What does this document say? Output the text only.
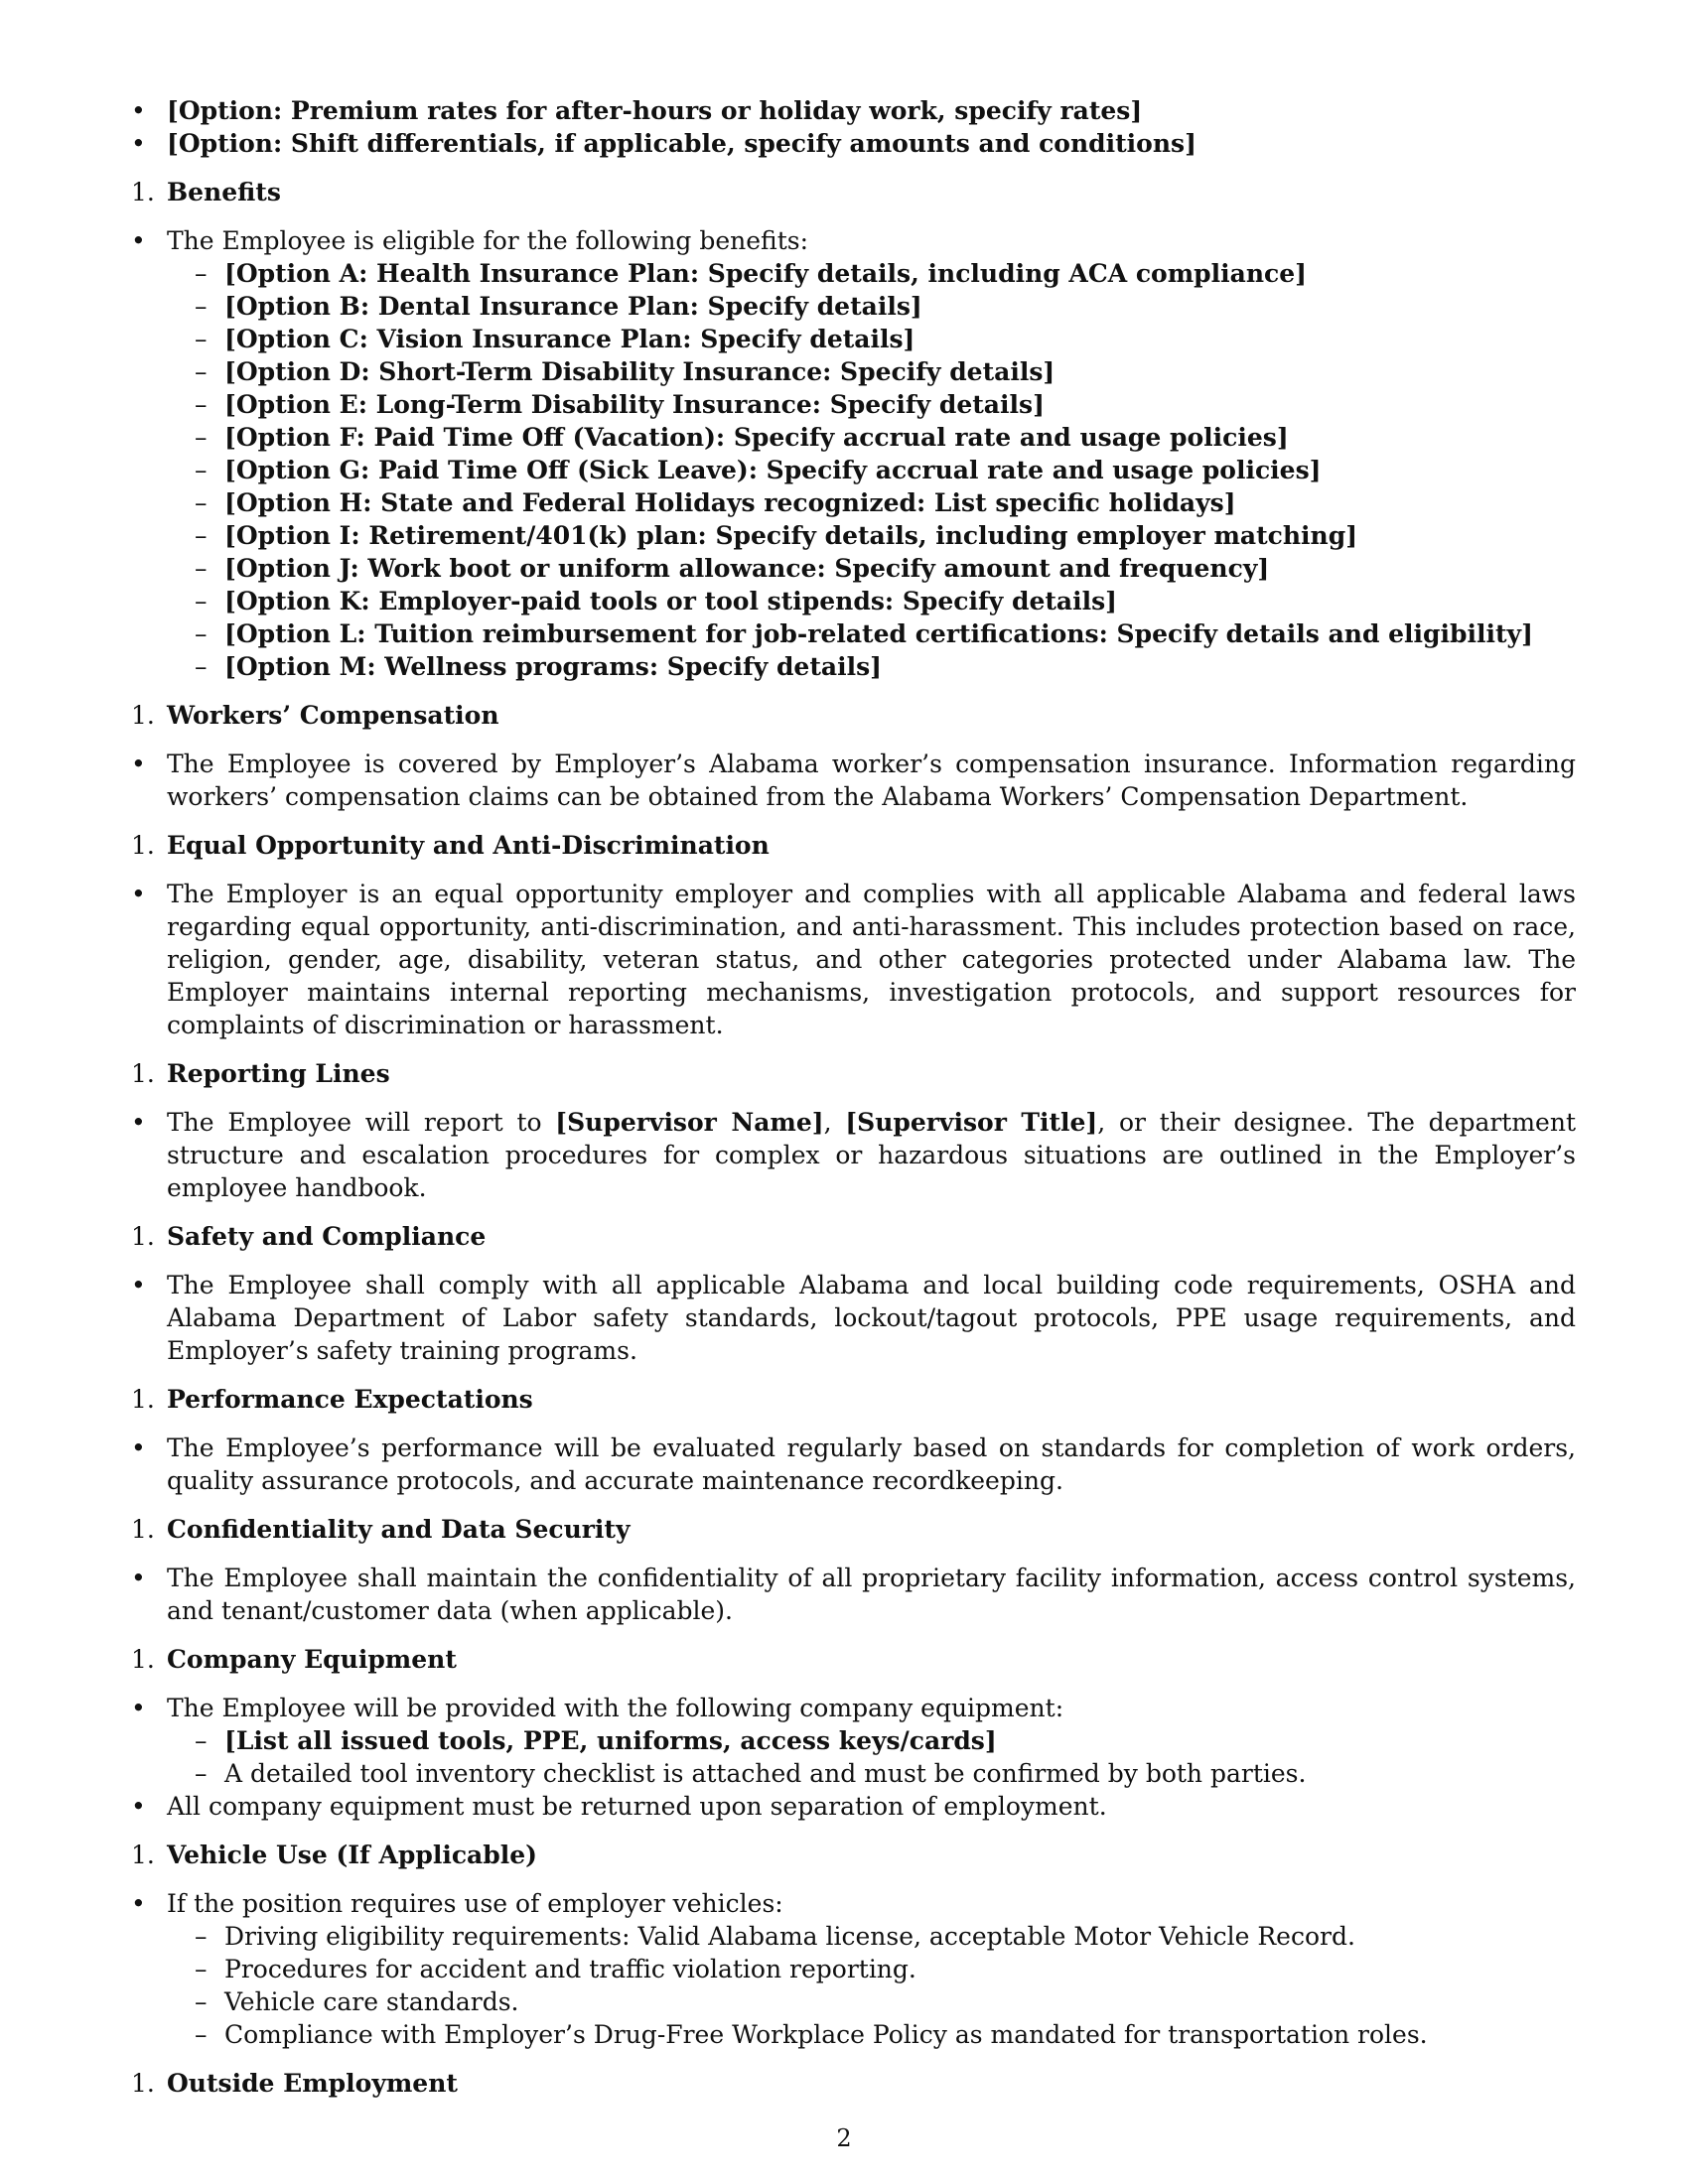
• [Option: Premium rates for after-hours or holiday work, specify rates]
• [Option: Shift differentials, if applicable, specify amounts and conditions]
1. Benefits
• The Employee is eligible for the following benefits:
– [Option A: Health Insurance Plan: Specify details, including ACA compliance]
– [Option B: Dental Insurance Plan: Specify details]
– [Option C: Vision Insurance Plan: Specify details]
– [Option D: Short-Term Disability Insurance: Specify details]
– [Option E: Long-Term Disability Insurance: Specify details]
– [Option F: Paid Time Off (Vacation): Specify accrual rate and usage policies]
– [Option G: Paid Time Off (Sick Leave): Specify accrual rate and usage policies]
– [Option H: State and Federal Holidays recognized: List specific holidays]
– [Option I: Retirement/401(k) plan: Specify details, including employer matching]
– [Option J: Work boot or uniform allowance: Specify amount and frequency]
– [Option K: Employer-paid tools or tool stipends: Specify details]
– [Option L: Tuition reimbursement for job-related certifications: Specify details and eligibility]
– [Option M: Wellness programs: Specify details]
1. Workers’ Compensation
• The Employee is covered by Employer’s Alabama worker’s compensation insurance. Information regarding workers’ compensation claims can be obtained from the Alabama Workers’ Compensation Department.
1. Equal Opportunity and Anti-Discrimination
• The Employer is an equal opportunity employer and complies with all applicable Alabama and federal laws regarding equal opportunity, anti-discrimination, and anti-harassment. This includes protection based on race, religion, gender, age, disability, veteran status, and other categories protected under Alabama law. The Employer maintains internal reporting mechanisms, investigation protocols, and support resources for complaints of discrimination or harassment.
1. Reporting Lines
• The Employee will report to [Supervisor Name], [Supervisor Title], or their designee. The department structure and escalation procedures for complex or hazardous situations are outlined in the Employer’s employee handbook.
1. Safety and Compliance
• The Employee shall comply with all applicable Alabama and local building code requirements, OSHA and Alabama Department of Labor safety standards, lockout/tagout protocols, PPE usage requirements, and Employer’s safety training programs.
1. Performance Expectations
• The Employee’s performance will be evaluated regularly based on standards for completion of work orders, quality assurance protocols, and accurate maintenance recordkeeping.
1. Confidentiality and Data Security
• The Employee shall maintain the confidentiality of all proprietary facility information, access control systems, and tenant/customer data (when applicable).
1. Company Equipment
• The Employee will be provided with the following company equipment:
– [List all issued tools, PPE, uniforms, access keys/cards]
– A detailed tool inventory checklist is attached and must be confirmed by both parties.
• All company equipment must be returned upon separation of employment.
1. Vehicle Use (If Applicable)
• If the position requires use of employer vehicles:
– Driving eligibility requirements: Valid Alabama license, acceptable Motor Vehicle Record.
– Procedures for accident and traffic violation reporting.
– Vehicle care standards.
– Compliance with Employer’s Drug-Free Workplace Policy as mandated for transportation roles.
1. Outside Employment
2
